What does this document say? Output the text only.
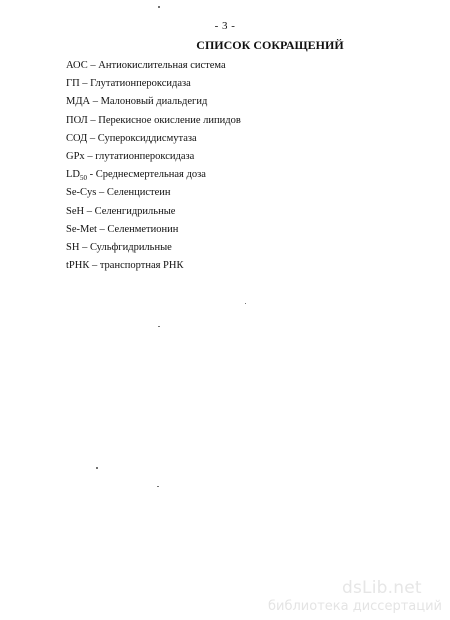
- 3 -
СПИСОК СОКРАЩЕНИЙ
АОС – Антиокислительная система
ГП – Глутатионпероксидаза
МДА – Малоновый диальдегид
ПОЛ – Перекисное окисление липидов
СОД – Супероксиддисмутаза
GPx – глутатионпероксидаза
$LD_{50}$ - Среднесмертельная доза
Se-Cys – Селенцистеин
SeH – Селенгидрильные
Se-Met – Селенметионин
SH – Сульфгидрильные
tРНК – транспортная РНК
dsLib.net
библиотека диссертаций
